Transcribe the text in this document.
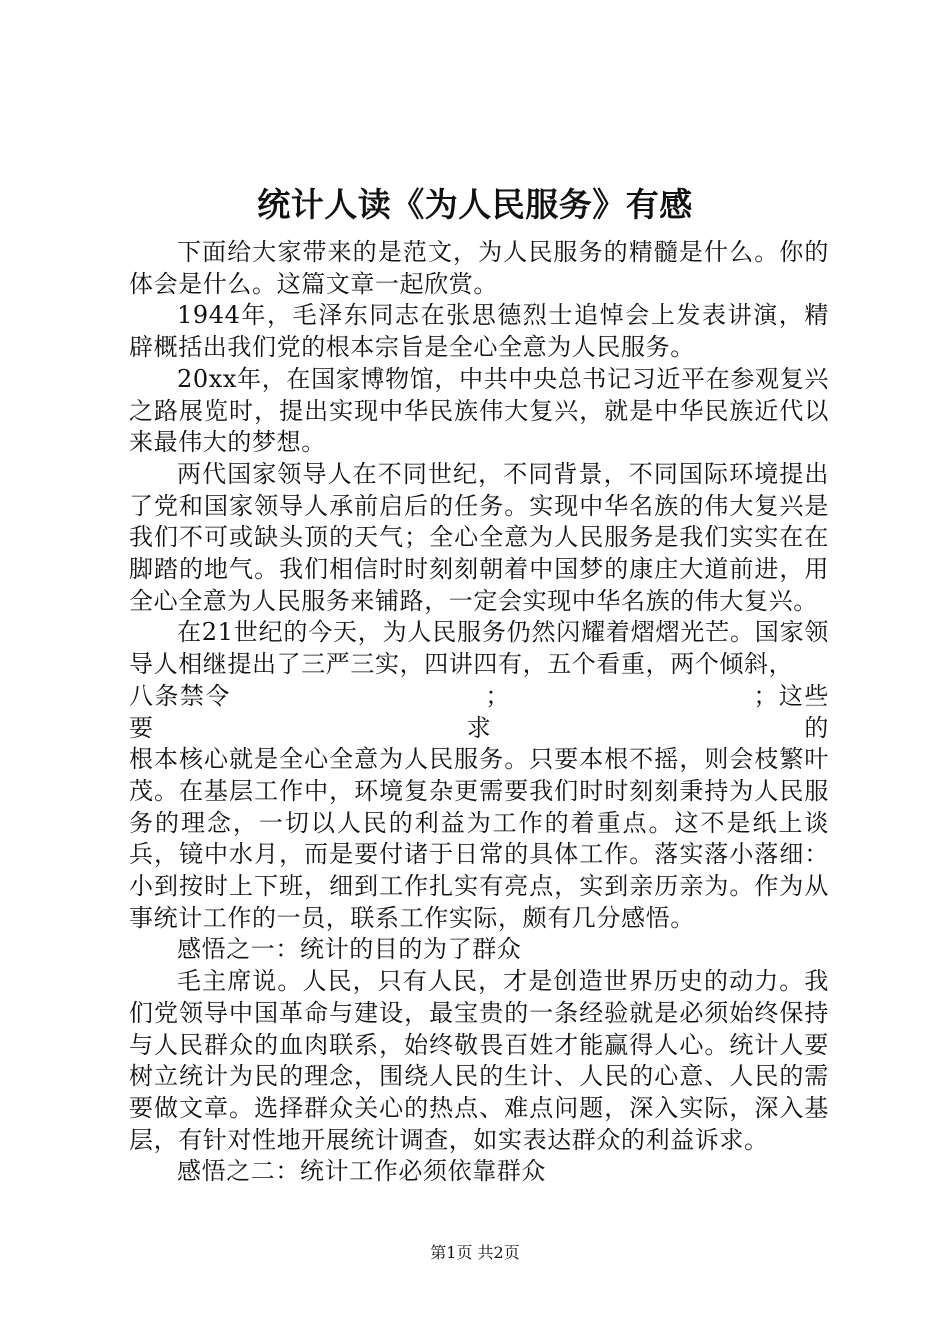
统计人读《为人民服务》有感

下面给大家带来的是范文，为人民服务的精髓是什么。你的体会是什么。这篇文章一起欣赏。

1944年，毛泽东同志在张思德烈士追悼会上发表讲演，精辟概括出我们党的根本宗旨是全心全意为人民服务。

20xx年，在国家博物馆，中共中央总书记习近平在参观复兴之路展览时，提出实现中华民族伟大复兴，就是中华民族近代以来最伟大的梦想。

两代国家领导人在不同世纪，不同背景，不同国际环境提出了党和国家领导人承前启后的任务。实现中华名族的伟大复兴是我们不可或缺头顶的天气；全心全意为人民服务是我们实实在在脚踏的地气。我们相信时时刻刻朝着中国梦的康庄大道前进，用全心全意为人民服务来铺路，一定会实现中华名族的伟大复兴。

在21世纪的今天，为人民服务仍然闪耀着熠熠光芒。国家领导人相继提出了三严三实，四讲四有，五个看重，两个倾斜，

八条禁令　　　　　　　　　　；　　　　　　　　　　；这些要求的

根本核心就是全心全意为人民服务。只要本根不摇，则会枝繁叶茂。在基层工作中，环境复杂更需要我们时时刻刻秉持为人民服务的理念，一切以人民的利益为工作的着重点。这不是纸上谈兵，镜中水月，而是要付诸于日常的具体工作。落实落小落细：小到按时上下班，细到工作扎实有亮点，实到亲历亲为。作为从事统计工作的一员，联系工作实际，颇有几分感悟。

感悟之一：统计的目的为了群众

毛主席说。人民，只有人民，才是创造世界历史的动力。我们党领导中国革命与建设，最宝贵的一条经验就是必须始终保持与人民群众的血肉联系，始终敬畏百姓才能赢得人心。统计人要树立统计为民的理念，围绕人民的生计、人民的心意、人民的需要做文章。选择群众关心的热点、难点问题，深入实际，深入基层，有针对性地开展统计调查，如实表达群众的利益诉求。

感悟之二：统计工作必须依靠群众

第1页 共2页
